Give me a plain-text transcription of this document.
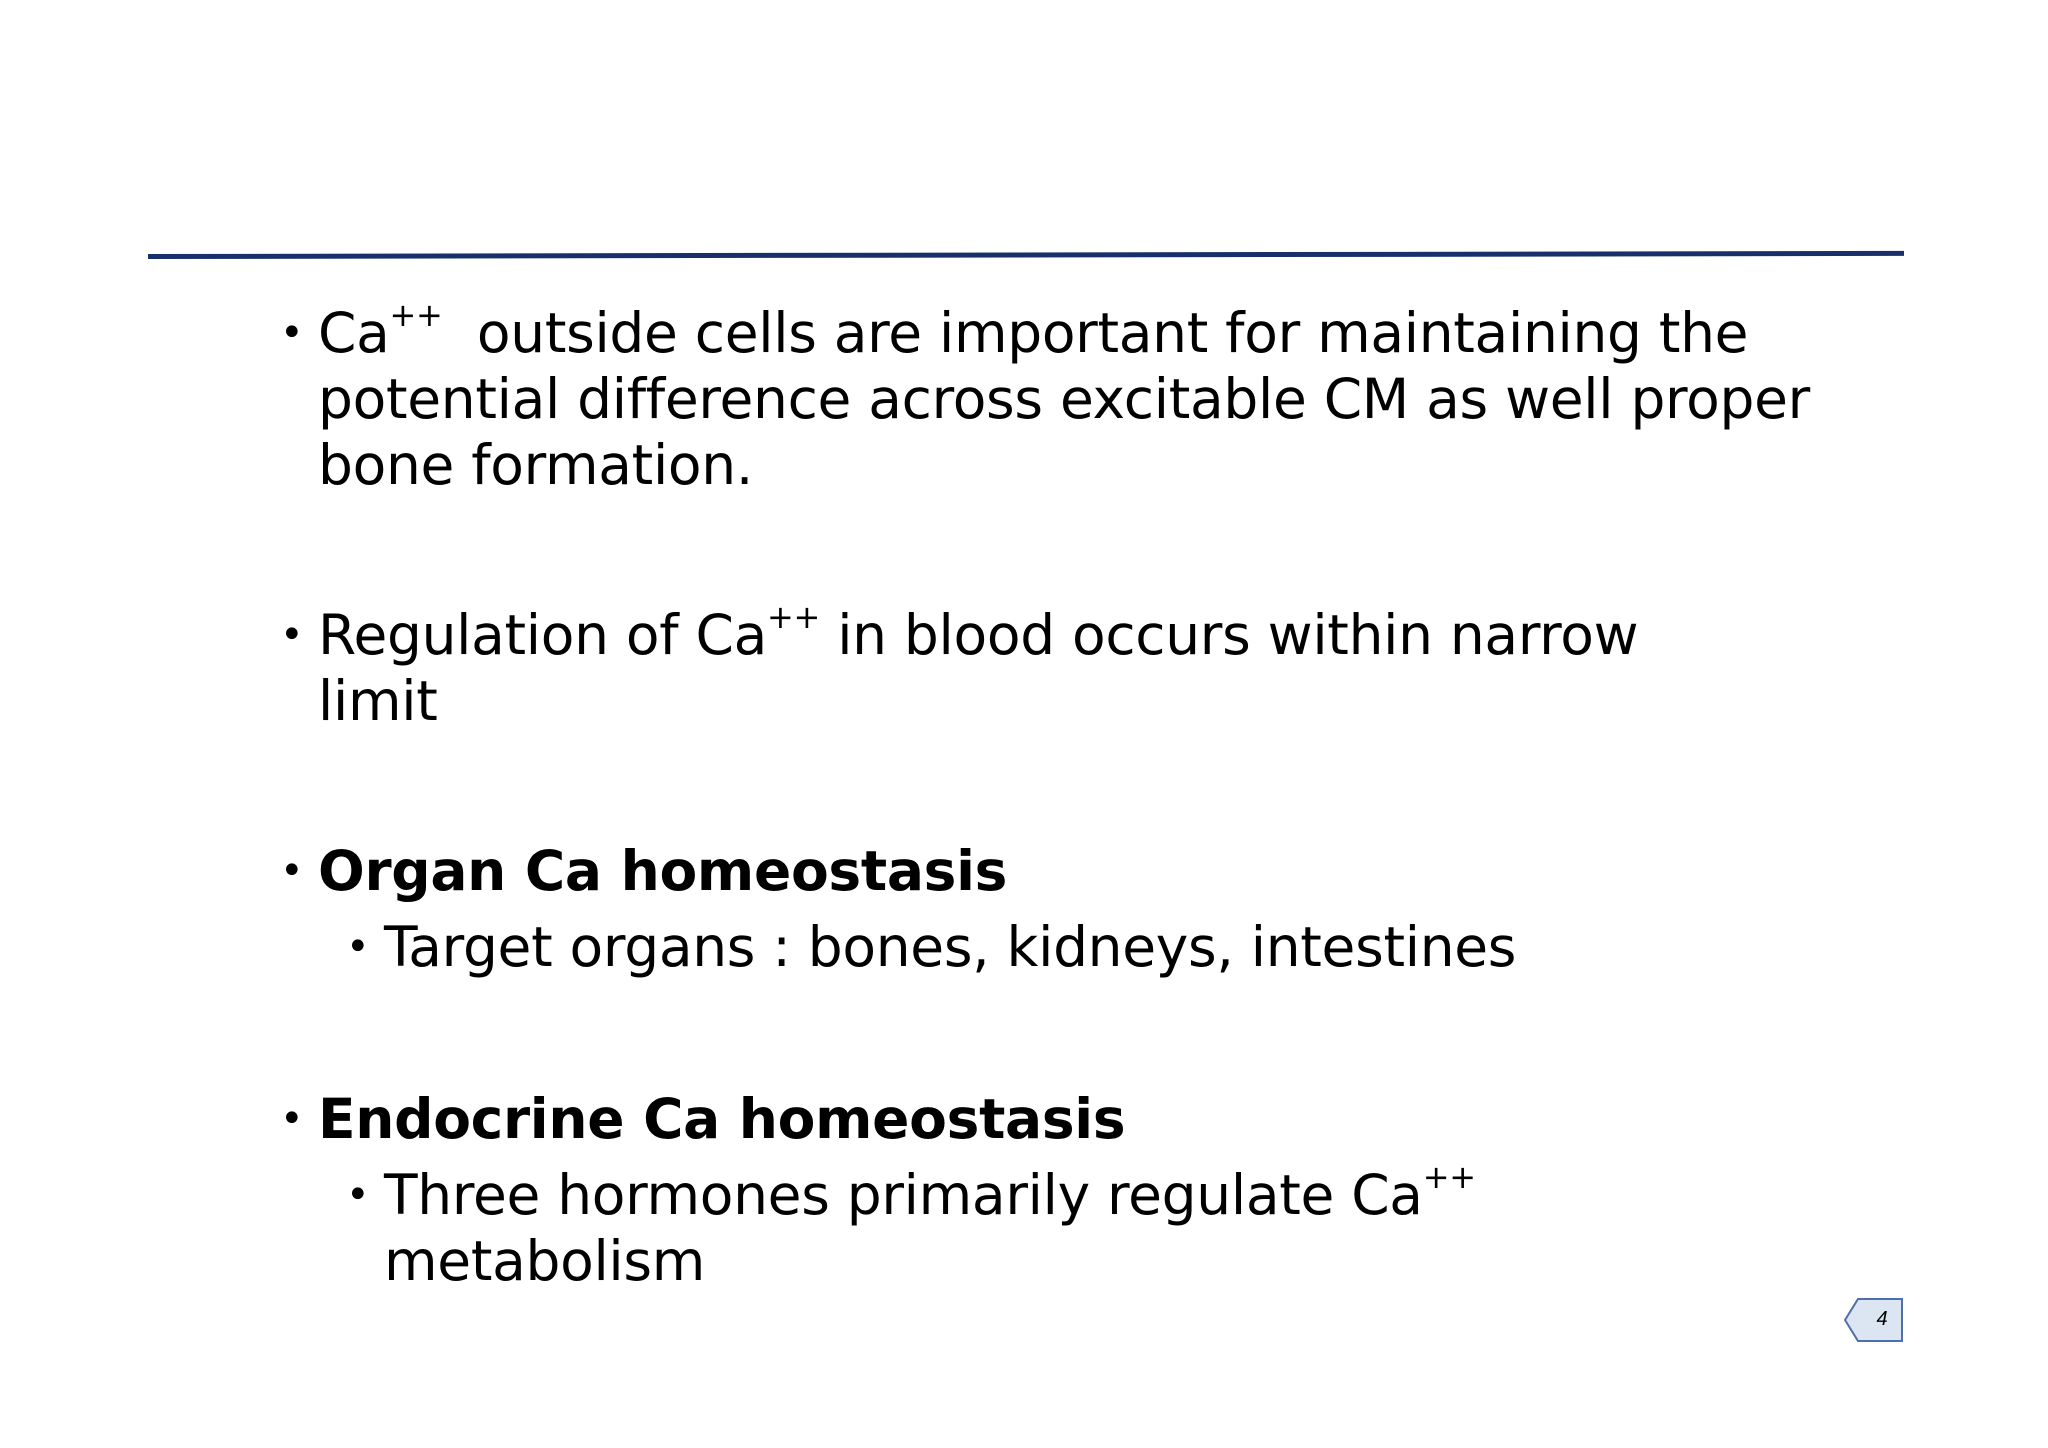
• Ca++  outside cells are important for maintaining the potential difference across excitable CM as well proper bone formation.
• Regulation of Ca++ in blood occurs within narrow limit
• Organ Ca homeostasis
• Target organs : bones, kidneys, intestines
• Endocrine Ca homeostasis
• Three hormones primarily regulate Ca++ metabolism
4
